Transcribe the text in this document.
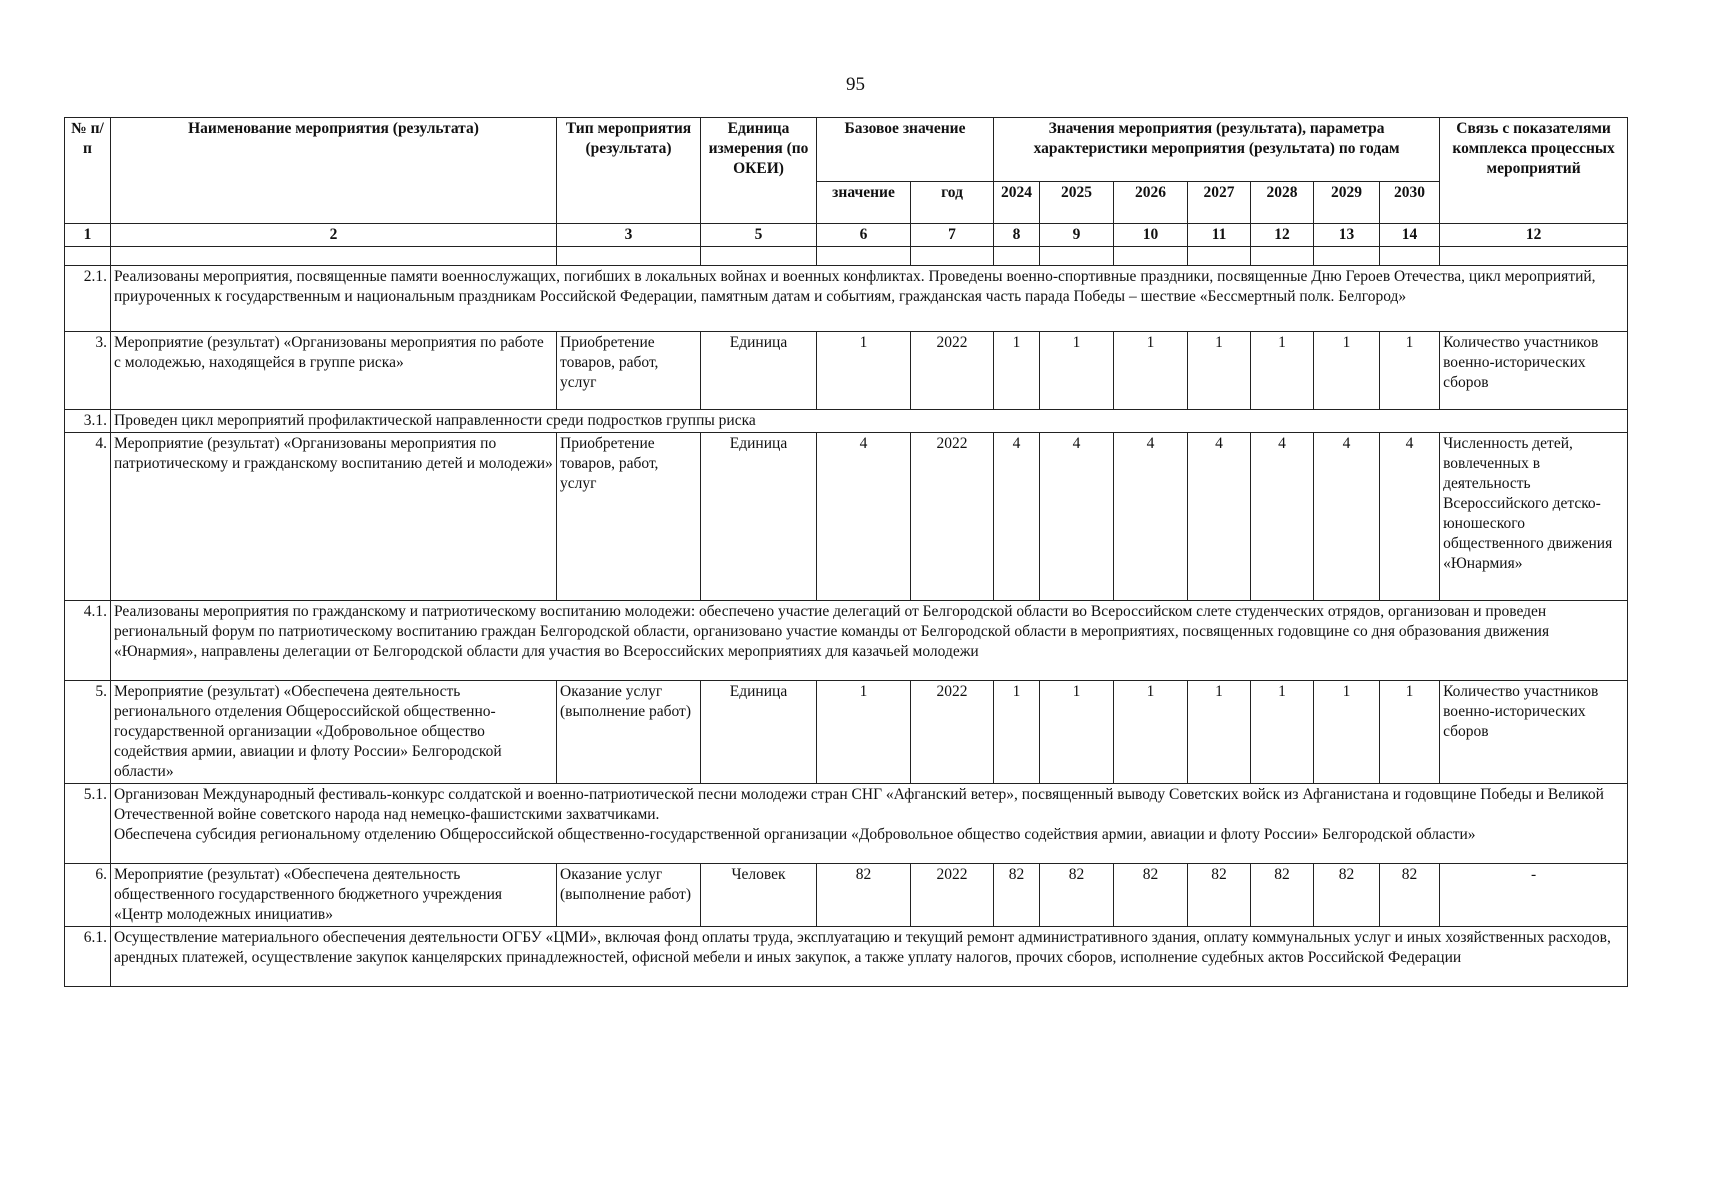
95
№ п/п	Наименование мероприятия (результата)	Тип мероприятия (результата)	Единица измерения (по ОКЕИ)	Базовое значение		Значения мероприятия (результата), параметра характеристики мероприятия (результата) по годам							Связь с показателями комплекса процессных мероприятий
				значение	год	2024	2025	2026	2027	2028	2029	2030	
1	2	3	5	6	7	8	9	10	11	12	13	14	12

2.1.	Реализованы мероприятия, посвященные памяти военнослужащих, погибших в локальных войнах и военных конфликтах. Проведены военно-спортивные праздники, посвященные Дню Героев Отечества, цикл мероприятий, приуроченных к государственным и национальным праздникам Российской Федерации, памятным датам и событиям, гражданская часть парада Победы – шествие «Бессмертный полк. Белгород»												
3.	Мероприятие (результат) «Организованы мероприятия по работе с молодежью, находящейся в группе риска»	Приобретение товаров, работ, услуг	Единица	1	2022	1	1	1	1	1	1	1	Количество участников военно-исторических сборов
3.1.	Проведен цикл мероприятий профилактической направленности среди подростков группы риска												
4.	Мероприятие (результат) «Организованы мероприятия по патриотическому и гражданскому воспитанию детей и молодежи»	Приобретение товаров, работ, услуг	Единица	4	2022	4	4	4	4	4	4	4	Численность детей, вовлеченных в деятельность Всероссийского детско-юношеского общественного движения «Юнармия»
4.1.	Реализованы мероприятия по гражданскому и патриотическому воспитанию молодежи: обеспечено участие делегаций от Белгородской области во Всероссийском слете студенческих отрядов, организован и проведен региональный форум по патриотическому воспитанию граждан Белгородской области, организовано участие команды от Белгородской области в мероприятиях, посвященных годовщине со дня образования движения «Юнармия», направлены делегации от Белгородской области для участия во Всероссийских мероприятиях для казачьей молодежи												
5.	Мероприятие (результат) «Обеспечена деятельность регионального отделения Общероссийской общественно-государственной организации «Добровольное общество содействия армии, авиации и флоту России» Белгородской области»	Оказание услуг (выполнение работ)	Единица	1	2022	1	1	1	1	1	1	1	Количество участников военно-исторических сборов
5.1.	Организован Международный фестиваль-конкурс солдатской и военно-патриотической песни молодежи стран СНГ «Афганский ветер», посвященный выводу Советских войск из Афганистана и годовщине Победы и Великой Отечественной войне советского народа над немецко-фашистскими захватчиками.
Обеспечена субсидия региональному отделению Общероссийской общественно-государственной организации «Добровольное общество содействия армии, авиации и флоту России» Белгородской области»												
6.	Мероприятие (результат) «Обеспечена деятельность общественного государственного бюджетного учреждения «Центр молодежных инициатив»	Оказание услуг (выполнение работ)	Человек	82	2022	82	82	82	82	82	82	82	-
6.1.	Осуществление материального обеспечения деятельности ОГБУ «ЦМИ», включая фонд оплаты труда, эксплуатацию и текущий ремонт административного здания, оплату коммунальных услуг и иных хозяйственных расходов, арендных платежей, осуществление закупок канцелярских принадлежностей, офисной мебели и иных закупок, а также уплату налогов, прочих сборов, исполнение судебных актов Российской Федерации												
